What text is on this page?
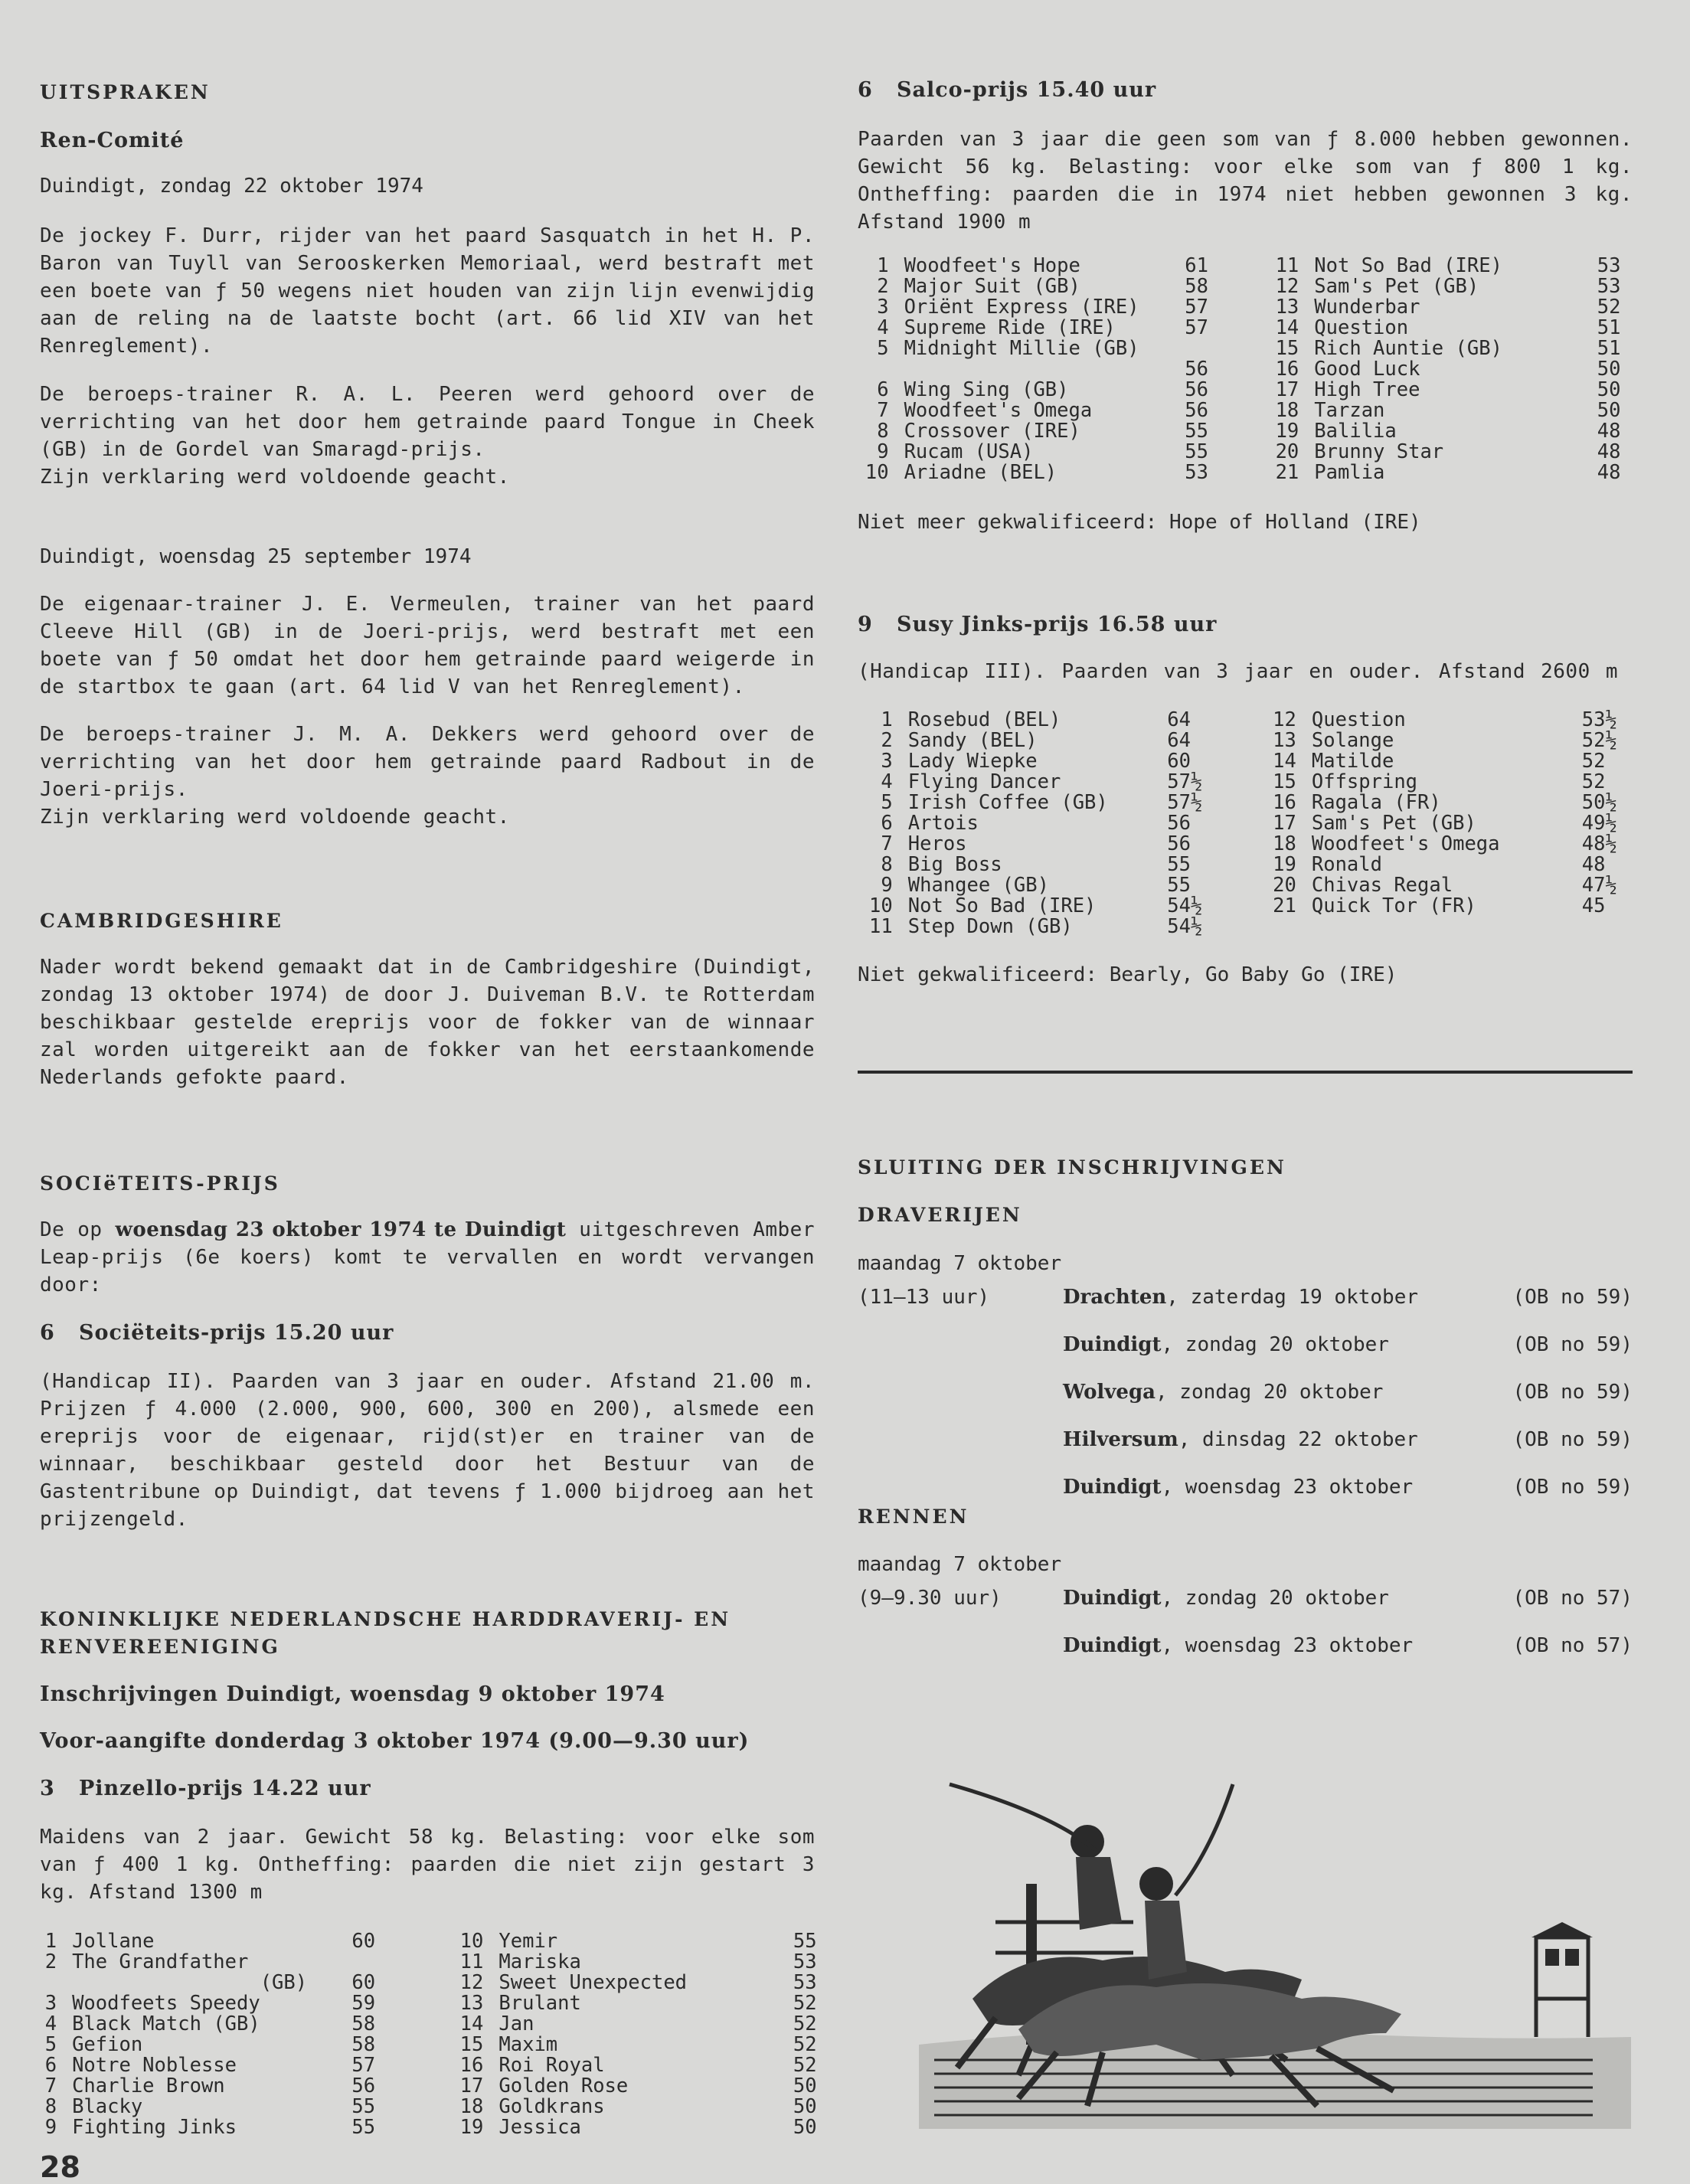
UITSPRAKEN
Ren-Comité
Duindigt, zondag 22 oktober 1974

De jockey F. Durr, rijder van het paard Sasquatch in het H. P. Baron van Tuyll van Serooskerken Memoriaal, werd bestraft met een boete van ƒ 50 wegens niet houden van zijn lijn evenwijdig aan de reling na de laatste bocht (art. 66 lid XIV van het Renreglement).

De beroeps-trainer R. A. L. Peeren werd gehoord over de verrichting van het door hem getrainde paard Tongue in Cheek (GB) in de Gordel van Smaragd-prijs.
Zijn verklaring werd voldoende geacht.
Duindigt, woensdag 25 september 1974

De eigenaar-trainer J. E. Vermeulen, trainer van het paard Cleeve Hill (GB) in de Joeri-prijs, werd bestraft met een boete van ƒ 50 omdat het door hem getrainde paard weigerde in de startbox te gaan (art. 64 lid V van het Renreglement).

De beroeps-trainer J. M. A. Dekkers werd gehoord over de verrichting van het door hem getrainde paard Radbout in de Joeri-prijs.
Zijn verklaring werd voldoende geacht.
CAMBRIDGESHIRE

Nader wordt bekend gemaakt dat in de Cambridgeshire (Duindigt, zondag 13 oktober 1974) de door J. Duiveman B.V. te Rotterdam beschikbaar gestelde ereprijs voor de fokker van de winnaar zal worden uitgereikt aan de fokker van het eerstaankomende Nederlands gefokte paard.

SOCIëTEITS-PRIJS
De op woensdag 23 oktober 1974 te Duindigt uitgeschreven Amber Leap-prijs (6e koers) komt te vervallen en wordt vervangen door:
6   Sociëteits-prijs 15.20 uur

(Handicap II). Paarden van 3 jaar en ouder. Afstand 21.00 m. Prijzen ƒ 4.000 (2.000, 900, 600, 300 en 200), alsmede een ereprijs voor de eigenaar, rijd(st)er en trainer van de winnaar, beschikbaar gesteld door het Bestuur van de Gastentribune op Duindigt, dat tevens ƒ 1.000 bijdroeg aan het prijzengeld.

KONINKLIJKE NEDERLANDSCHE HARDDRAVERIJ- EN
RENVEREENIGING
Inschrijvingen Duindigt, woensdag 9 oktober 1974
Voor-aangifte donderdag 3 oktober 1974 (9.00—9.30 uur)
3   Pinzello-prijs 14.22 uur

Maidens van 2 jaar. Gewicht 58 kg. Belasting: voor elke som van ƒ 400 1 kg. Ontheffing: paarden die niet zijn gestart 3 kg. Afstand 1300 m

1	Jollane	60
2	The Grandfather	
	(GB)	60
3	Woodfeets Speedy	59
4	Black Match (GB)	58
5	Gefion	58
6	Notre Noblesse	57
7	Charlie Brown	56
8	Blacky	55
9	Fighting Jinks	55
10	Yemir	55
11	Mariska	53
12	Sweet Unexpected	53
13	Brulant	52
14	Jan	52
15	Maxim	52
16	Roi Royal	52
17	Golden Rose	50
18	Goldkrans	50
19	Jessica	50
6   Salco-prijs 15.40 uur

Paarden van 3 jaar die geen som van ƒ 8.000 hebben gewonnen. Gewicht 56 kg. Belasting: voor elke som van ƒ 800 1 kg. Ontheffing: paarden die in 1974 niet hebben gewonnen 3 kg. Afstand 1900 m

1	Woodfeet's Hope	61
2	Major Suit (GB)	58
3	Oriënt Express (IRE)	57
4	Supreme Ride (IRE)	57
5	Midnight Millie (GB)	
		56
6	Wing Sing (GB)	56
7	Woodfeet's Omega	56
8	Crossover (IRE)	55
9	Rucam (USA)	55
10	Ariadne (BEL)	53
11	Not So Bad (IRE)	53
12	Sam's Pet (GB)	53
13	Wunderbar	52
14	Question	51
15	Rich Auntie (GB)	51
16	Good Luck	50
17	High Tree	50
18	Tarzan	50
19	Balilia	48
20	Brunny Star	48
21	Pamlia	48
Niet meer gekwalificeerd: Hope of Holland (IRE)
9   Susy Jinks-prijs 16.58 uur
(Handicap III). Paarden van 3 jaar en ouder. Afstand 2600 m
1	Rosebud (BEL)	64
2	Sandy (BEL)	64
3	Lady Wiepke	60
4	Flying Dancer	57½
5	Irish Coffee (GB)	57½
6	Artois	56
7	Heros	56
8	Big Boss	55
9	Whangee (GB)	55
10	Not So Bad (IRE)	54½
11	Step Down (GB)	54½
12	Question	53½
13	Solange	52½
14	Matilde	52
15	Offspring	52
16	Ragala (FR)	50½
17	Sam's Pet (GB)	49½
18	Woodfeet's Omega	48½
19	Ronald	48
20	Chivas Regal	47½
21	Quick Tor (FR)	45
Niet gekwalificeerd: Bearly, Go Baby Go (IRE)
SLUITING DER INSCHRIJVINGEN
DRAVERIJEN
maandag 7 oktober
(11—13 uur)	Drachten, zaterdag 19 oktober	(OB no 59)
Duindigt, zondag 20 oktober	(OB no 59)
Wolvega, zondag 20 oktober	(OB no 59)
Hilversum, dinsdag 22 oktober	(OB no 59)
Duindigt, woensdag 23 oktober	(OB no 59)
RENNEN
maandag 7 oktober
(9—9.30 uur)	Duindigt, zondag 20 oktober	(OB no 57)
Duindigt, woensdag 23 oktober	(OB no 57)
28
